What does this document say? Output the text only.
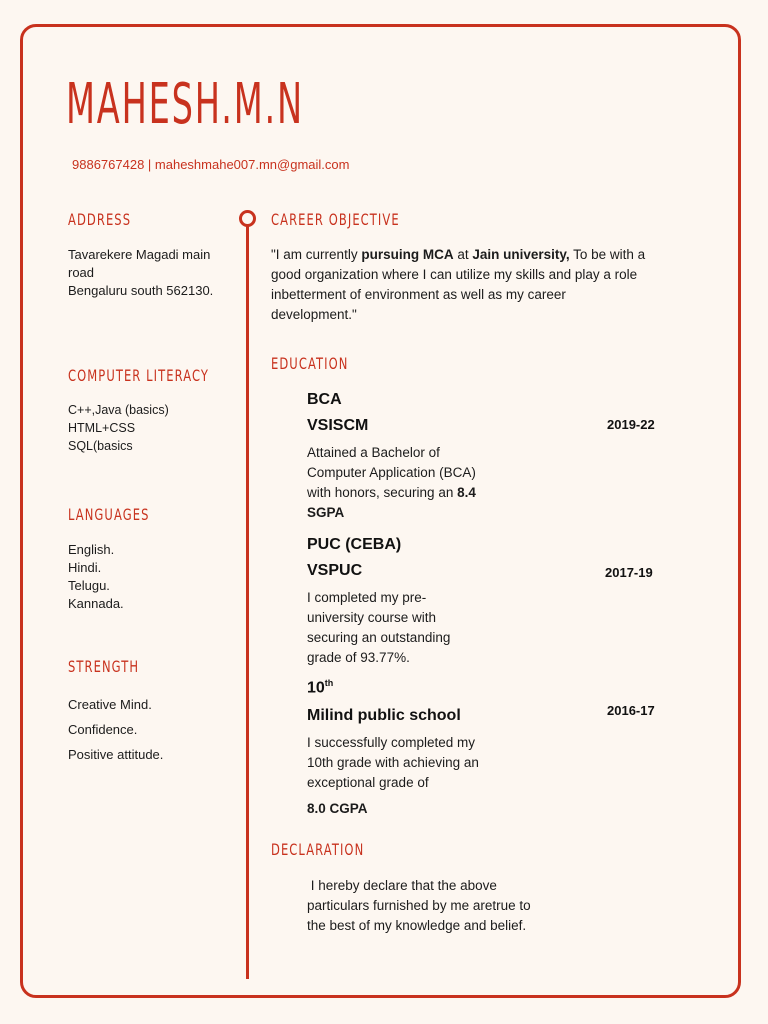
MAHESH.M.N
9886767428 | maheshmahe007.mn@gmail.com
ADDRESS
Tavarekere Magadi main
road
Bengaluru south 562130.
COMPUTER LITERACY
C++,Java (basics)
HTML+CSS
SQL(basics
LANGUAGES
English.
Hindi.
Telugu.
Kannada.
STRENGTH
Creative Mind.
Confidence.
Positive attitude.
CAREER OBJECTIVE
"I am currently pursuing MCA at Jain university, To be with a good organization where I can utilize my skills and play a role inbetterment of environment as well as my career development."
EDUCATION
BCA
VSISCM	2019-22
Attained a Bachelor of Computer Application (BCA) with honors, securing an 8.4 SGPA
PUC (CEBA)
VSPUC	2017-19
I completed my pre-university course with securing an outstanding grade of 93.77%.
10th
Milind public school	2016-17
I successfully completed my 10th grade with achieving an exceptional grade of
8.0 CGPA
DECLARATION
I hereby declare that the above particulars furnished by me aretrue to the best of my knowledge and belief.
